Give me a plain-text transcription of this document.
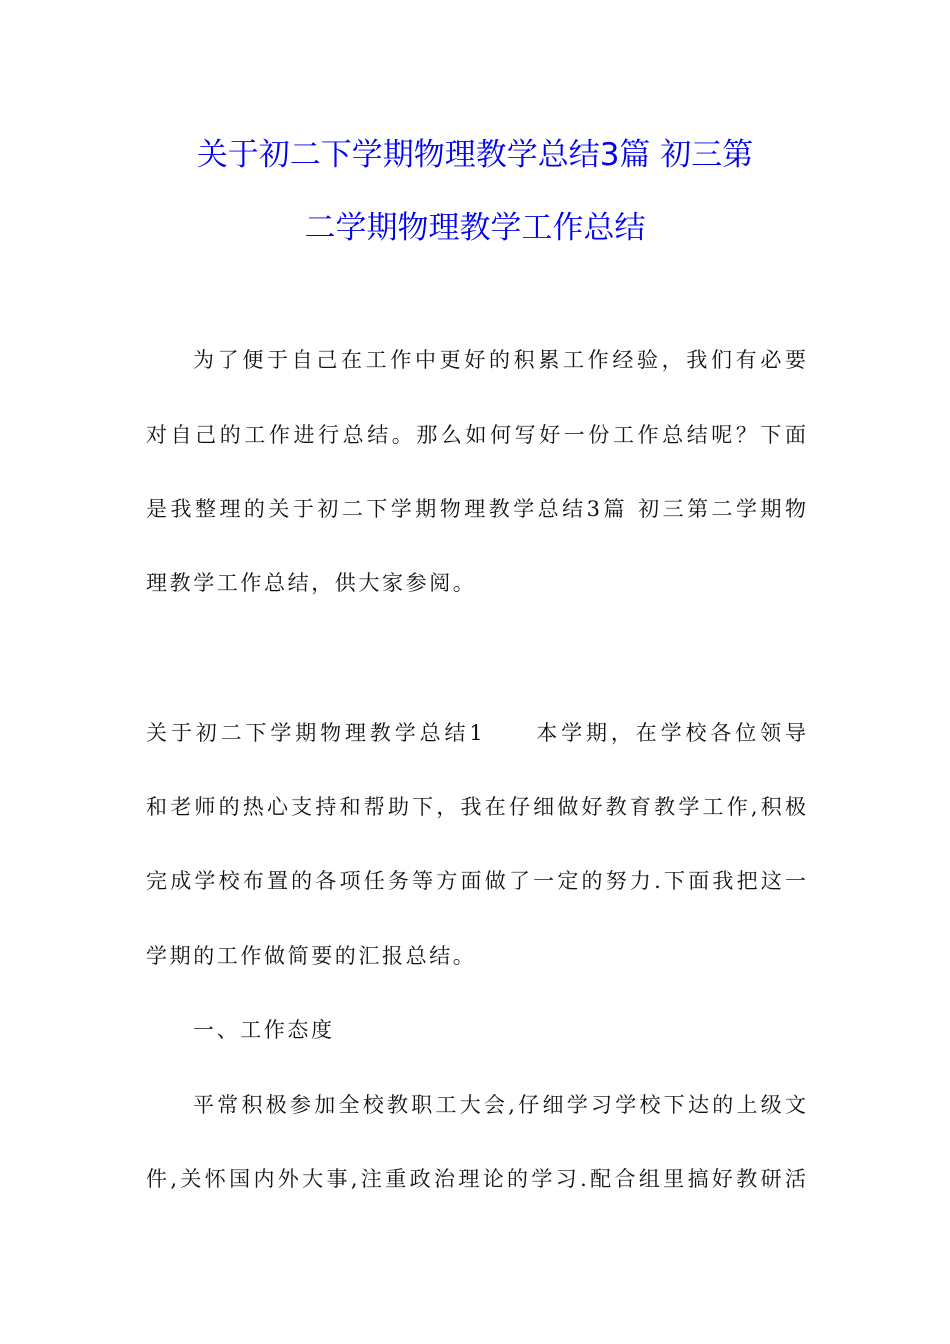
关于初二下学期物理教学总结3篇 初三第
二学期物理教学工作总结
为了便于自己在工作中更好的积累工作经验，我们有必要
对自己的工作进行总结。那么如何写好一份工作总结呢？下面
是我整理的关于初二下学期物理教学总结3篇 初三第二学期物
理教学工作总结，供大家参阅。
关于初二下学期物理教学总结1　　本学期，在学校各位领导
和老师的热心支持和帮助下，我在仔细做好教育教学工作,积极
完成学校布置的各项任务等方面做了一定的努力.下面我把这一
学期的工作做简要的汇报总结。
一、工作态度
平常积极参加全校教职工大会,仔细学习学校下达的上级文
件,关怀国内外大事,注重政治理论的学习.配合组里搞好教研活
